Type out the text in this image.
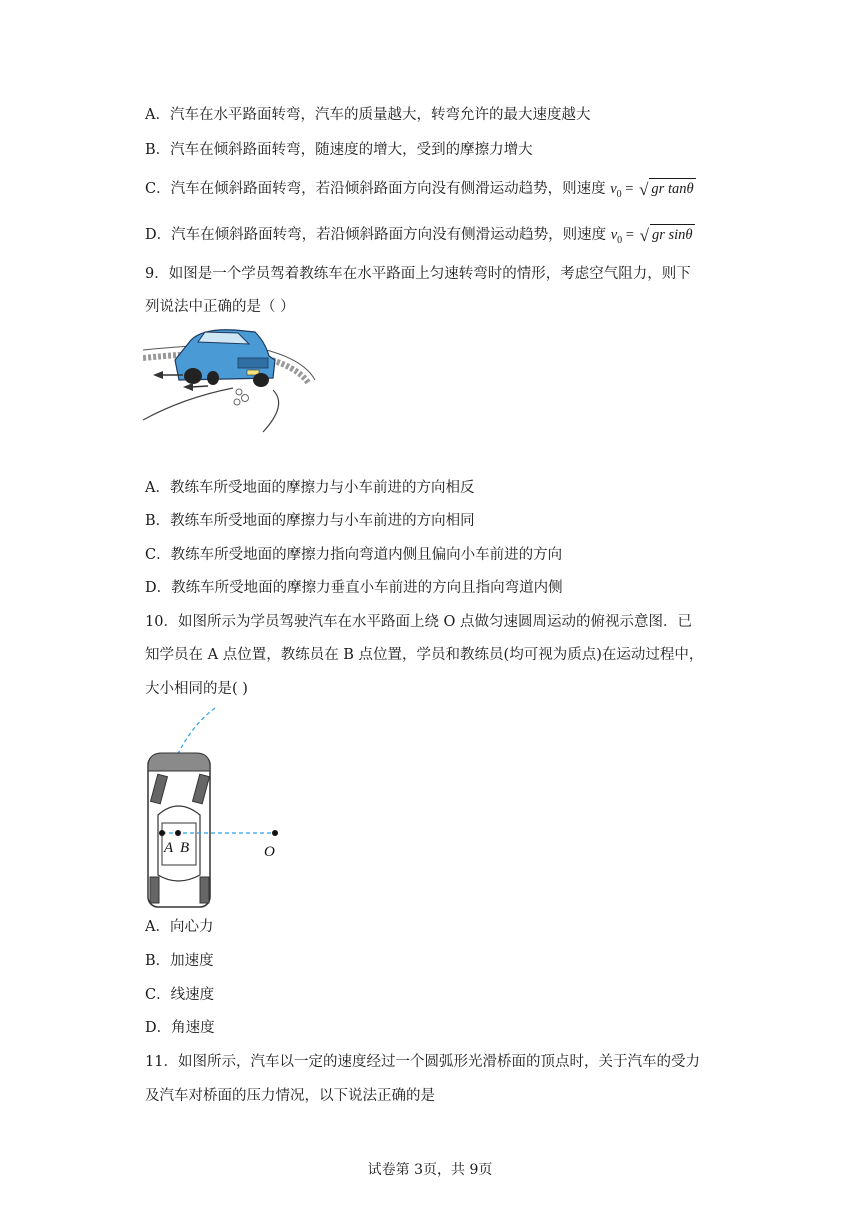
A．汽车在水平路面转弯，汽车的质量越大，转弯允许的最大速度越大
B．汽车在倾斜路面转弯，随速度的增大，受到的摩擦力增大
C．汽车在倾斜路面转弯，若沿倾斜路面方向没有侧滑运动趋势，则速度 $v_0$ = √ gr tanθ
D．汽车在倾斜路面转弯，若沿倾斜路面方向没有侧滑运动趋势，则速度 $v_0$ = √ gr sinθ
9．如图是一个学员驾着教练车在水平路面上匀速转弯时的情形，考虑空气阻力，则下
列说法中正确的是（ ）
A．教练车所受地面的摩擦力与小车前进的方向相反
B．教练车所受地面的摩擦力与小车前进的方向相同
C．教练车所受地面的摩擦力指向弯道内侧且偏向小车前进的方向
D．教练车所受地面的摩擦力垂直小车前进的方向且指向弯道内侧
10．如图所示为学员驾驶汽车在水平路面上绕 O 点做匀速圆周运动的俯视示意图．已
知学员在 A 点位置，教练员在 B 点位置，学员和教练员(均可视为质点)在运动过程中，
大小相同的是( )
A B	O
A．向心力
B．加速度
C．线速度
D．角速度
11．如图所示，汽车以一定的速度经过一个圆弧形光滑桥面的顶点时，关于汽车的受力
及汽车对桥面的压力情况，以下说法正确的是
试卷第 3页，共 9页
